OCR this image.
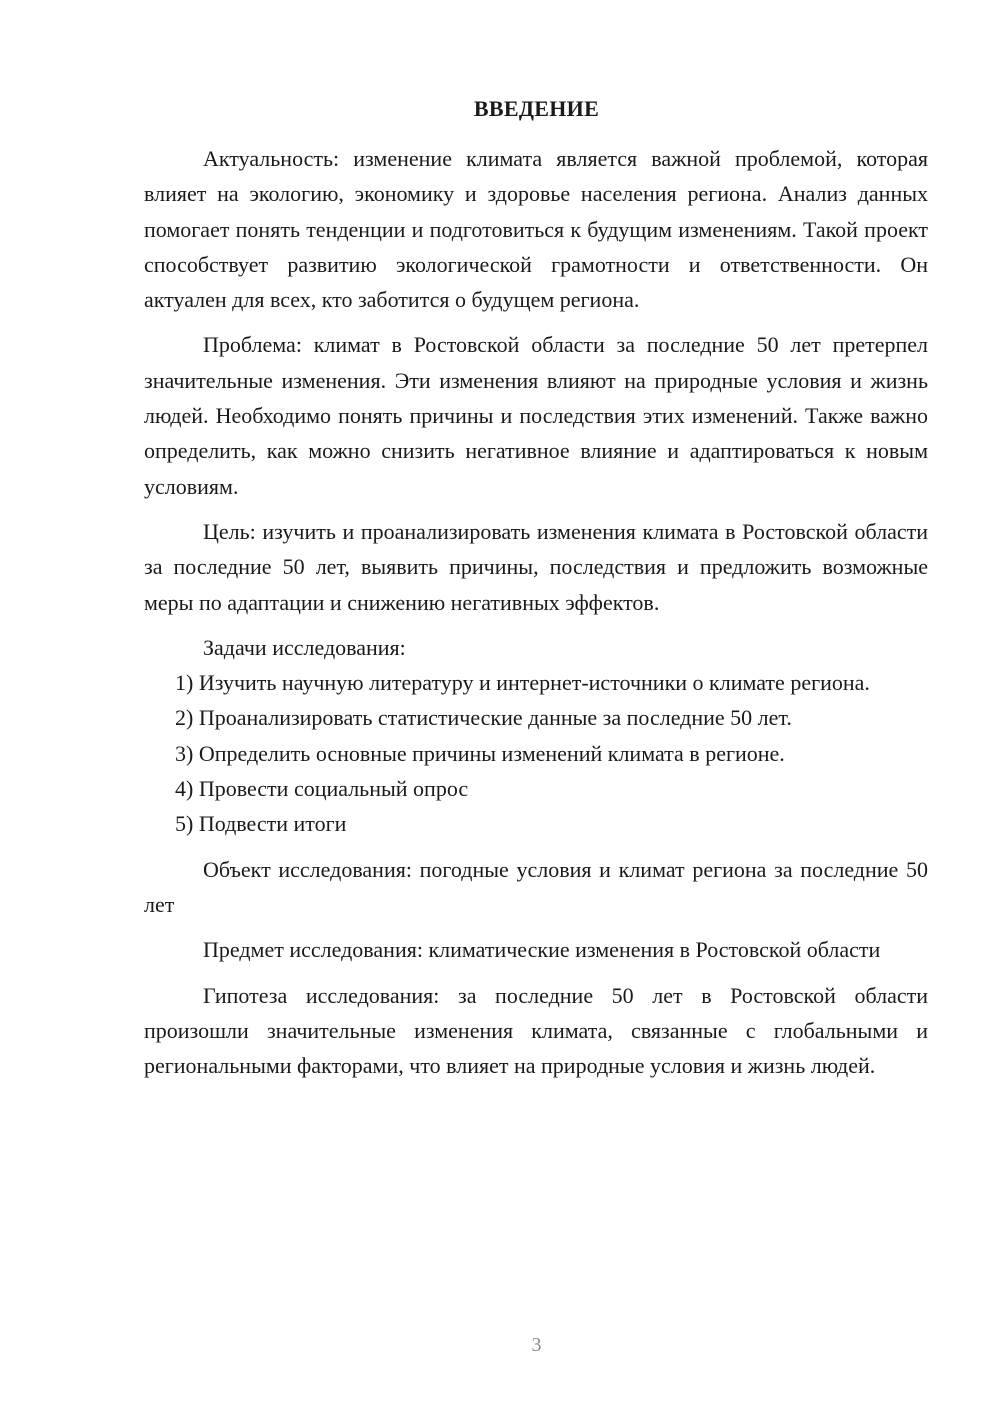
ВВЕДЕНИЕ

Актуальность: изменение климата является важной проблемой, которая влияет на экологию, экономику и здоровье населения региона. Анализ данных помогает понять тенденции и подготовиться к будущим изменениям. Такой проект способствует развитию экологической грамотности и ответственности. Он актуален для всех, кто заботится о будущем региона.

Проблема: климат в Ростовской области за последние 50 лет претерпел значительные изменения. Эти изменения влияют на природные условия и жизнь людей. Необходимо понять причины и последствия этих изменений. Также важно определить, как можно снизить негативное влияние и адаптироваться к новым условиям.

Цель: изучить и проанализировать изменения климата в Ростовской области за последние 50 лет, выявить причины, последствия и предложить возможные меры по адаптации и снижению негативных эффектов.

Задачи исследования:

1) Изучить научную литературу и интернет-источники о климате региона.

2) Проанализировать статистические данные за последние 50 лет.

3) Определить основные причины изменений климата в регионе.

4) Провести социальный опрос

5) Подвести итоги

Объект исследования: погодные условия и климат региона за последние 50 лет

Предмет исследования: климатические изменения в Ростовской области

Гипотеза исследования: за последние 50 лет в Ростовской области произошли значительные изменения климата, связанные с глобальными и региональными факторами, что влияет на природные условия и жизнь людей.

3
